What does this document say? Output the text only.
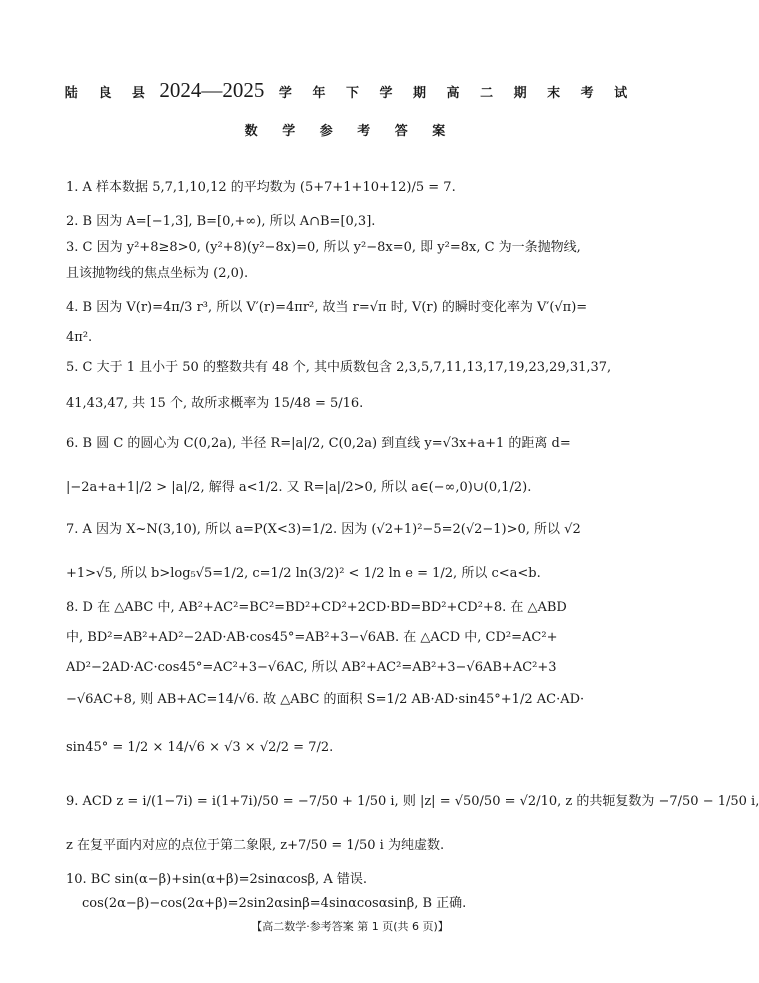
陆 良 县 2024—2025 学 年 下 学 期 高 二 期 末 考 试
数 学 参 考 答 案
1. A 样本数据 5,7,1,10,12 的平均数为 (5+7+1+10+12)/5 = 7.
2. B 因为 A=[−1,3], B=[0,+∞), 所以 A∩B=[0,3].
3. C 因为 y²+8≥8>0, (y²+8)(y²−8x)=0, 所以 y²−8x=0, 即 y²=8x, C 为一条抛物线,
且该抛物线的焦点坐标为 (2,0).
4. B 因为 V(r)=4π/3 r³, 所以 V′(r)=4πr², 故当 r=√π 时, V(r) 的瞬时变化率为 V′(√π)=
4π².
5. C 大于 1 且小于 50 的整数共有 48 个, 其中质数包含 2,3,5,7,11,13,17,19,23,29,31,37,
41,43,47, 共 15 个, 故所求概率为 15/48 = 5/16.
6. B 圆 C 的圆心为 C(0,2a), 半径 R=|a|/2, C(0,2a) 到直线 y=√3x+a+1 的距离 d=
|−2a+a+1|/2 > |a|/2, 解得 a<1/2. 又 R=|a|/2>0, 所以 a∈(−∞,0)∪(0,1/2).
7. A 因为 X~N(3,10), 所以 a=P(X<3)=1/2. 因为 (√2+1)²−5=2(√2−1)>0, 所以 √2
+1>√5, 所以 b>log₅√5=1/2, c=1/2 ln(3/2)² < 1/2 ln e = 1/2, 所以 c<a<b.
8. D 在 △ABC 中, AB²+AC²=BC²=BD²+CD²+2CD·BD=BD²+CD²+8. 在 △ABD
中, BD²=AB²+AD²−2AD·AB·cos45°=AB²+3−√6AB. 在 △ACD 中, CD²=AC²+
AD²−2AD·AC·cos45°=AC²+3−√6AC, 所以 AB²+AC²=AB²+3−√6AB+AC²+3
−√6AC+8, 则 AB+AC=14/√6. 故 △ABC 的面积 S=1/2 AB·AD·sin45°+1/2 AC·AD·
sin45° = 1/2 × 14/√6 × √3 × √2/2 = 7/2.
9. ACD z = i/(1−7i) = i(1+7i)/50 = −7/50 + 1/50 i, 则 |z| = √50/50 = √2/10, z 的共轭复数为 −7/50 − 1/50 i,
z 在复平面内对应的点位于第二象限, z+7/50 = 1/50 i 为纯虚数.
10. BC sin(α−β)+sin(α+β)=2sinαcosβ, A 错误.
cos(2α−β)−cos(2α+β)=2sin2αsinβ=4sinαcosαsinβ, B 正确.
【高二数学·参考答案 第 1 页(共 6 页)】
